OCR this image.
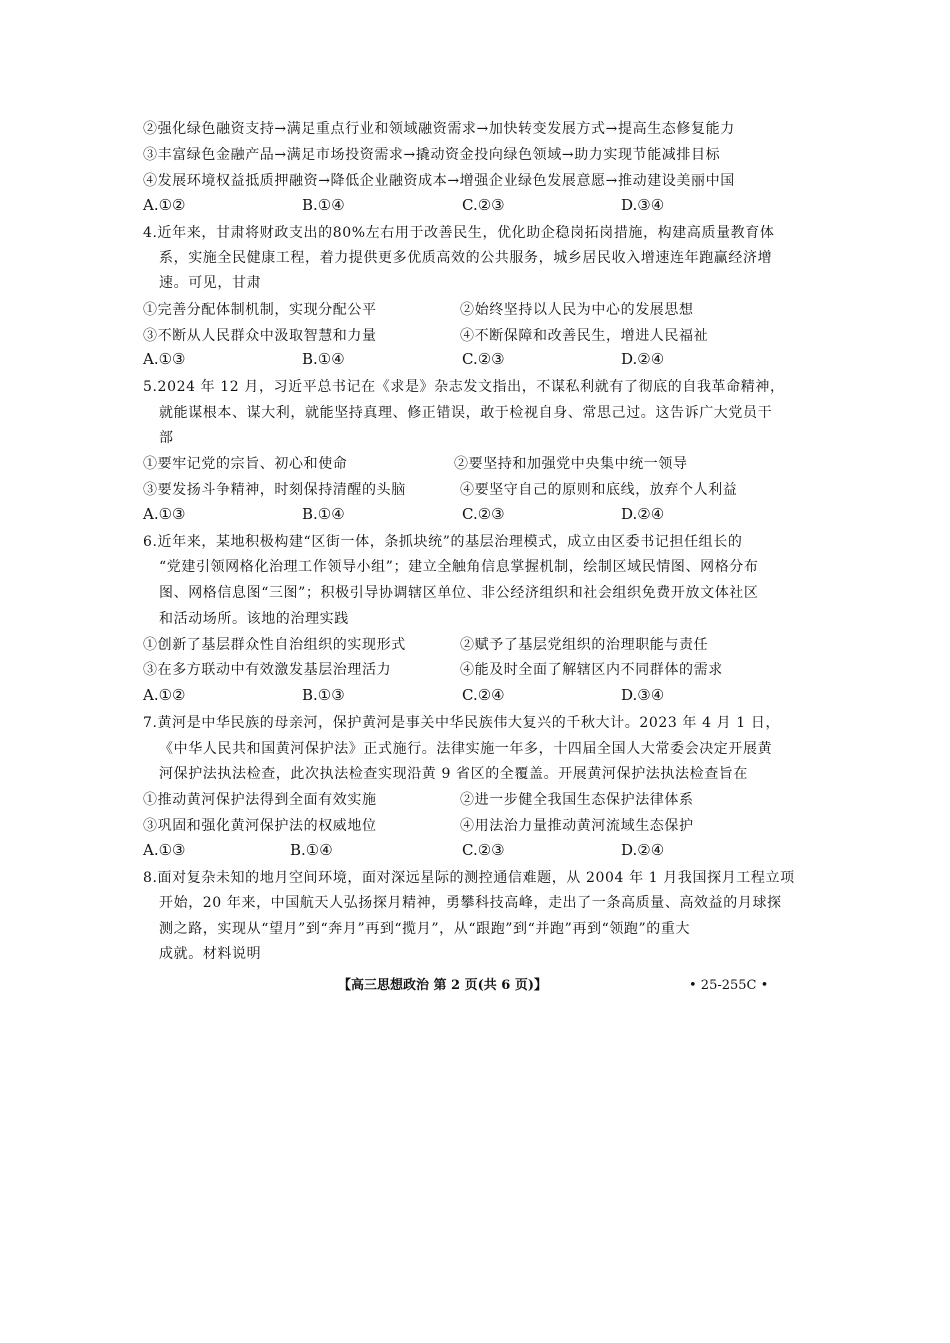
②强化绿色融资支持→满足重点行业和领域融资需求→加快转变发展方式→提高生态修复能力
③丰富绿色金融产品→满足市场投资需求→撬动资金投向绿色领域→助力实现节能减排目标
④发展环境权益抵质押融资→降低企业融资成本→增强企业绿色发展意愿→推动建设美丽中国
A.①②	B.①④	C.②③	D.③④
4.近年来，甘肃将财政支出的80%左右用于改善民生，优化助企稳岗拓岗措施，构建高质量教育体
系，实施全民健康工程，着力提供更多优质高效的公共服务，城乡居民收入增速连年跑赢经济增
速。可见，甘肃
①完善分配体制机制，实现分配公平	②始终坚持以人民为中心的发展思想
③不断从人民群众中汲取智慧和力量	④不断保障和改善民生，增进人民福祉
A.①③	B.①④	C.②③	D.②④
5.2024 年 12 月，习近平总书记在《求是》杂志发文指出，不谋私利就有了彻底的自我革命精神，
就能谋根本、谋大利，就能坚持真理、修正错误，敢于检视自身、常思己过。这告诉广大党员干
部
①要牢记党的宗旨、初心和使命	②要坚持和加强党中央集中统一领导
③要发扬斗争精神，时刻保持清醒的头脑	④要坚守自己的原则和底线，放弃个人利益
A.①③	B.①④	C.②③	D.②④
6.近年来，某地积极构建“区街一体，条抓块统”的基层治理模式，成立由区委书记担任组长的
“党建引领网格化治理工作领导小组”；建立全触角信息掌握机制，绘制区域民情图、网格分布
图、网格信息图“三图”；积极引导协调辖区单位、非公经济组织和社会组织免费开放文体社区
和活动场所。该地的治理实践
①创新了基层群众性自治组织的实现形式	②赋予了基层党组织的治理职能与责任
③在多方联动中有效激发基层治理活力	④能及时全面了解辖区内不同群体的需求
A.①②	B.①③	C.②④	D.③④
7.黄河是中华民族的母亲河，保护黄河是事关中华民族伟大复兴的千秋大计。2023 年 4 月 1 日，
《中华人民共和国黄河保护法》正式施行。法律实施一年多，十四届全国人大常委会决定开展黄
河保护法执法检查，此次执法检查实现沿黄 9 省区的全覆盖。开展黄河保护法执法检查旨在
①推动黄河保护法得到全面有效实施	②进一步健全我国生态保护法律体系
③巩固和强化黄河保护法的权威地位	④用法治力量推动黄河流域生态保护
A.①③	B.①④	C.②③	D.②④
8.面对复杂未知的地月空间环境，面对深远星际的测控通信难题，从 2004 年 1 月我国探月工程立项
开始，20 年来，中国航天人弘扬探月精神，勇攀科技高峰，走出了一条高质量、高效益的月球探
测之路，实现从“望月”到“奔月”再到“揽月”，从“跟跑”到“并跑”再到“领跑”的重大
成就。材料说明
【高三思想政治 第 2 页(共 6 页)】	• 25-255C •
